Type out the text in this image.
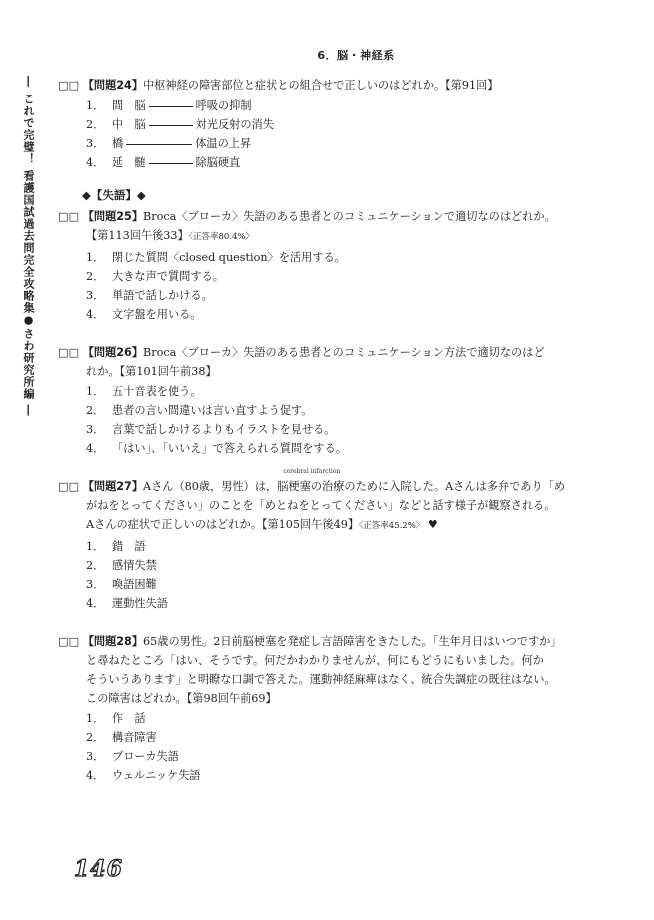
6．脳・神経系
― これで完璧！ 看護国試過去問完全攻略集●さわ研究所編 ― □□ 【問題24】中枢神経の障害部位と症状との組合せで正しいのはどれか。【第91回】
1． 間　脳	呼吸の抑制
2． 中　脳	対光反射の消失
3． 橋	体温の上昇
4． 延　髄	除脳硬直
◆【失語】◆
□□ 【問題25】Broca〈ブローカ〉失語のある患者とのコミュニケーションで適切なのはどれか。
【第113回午後33】〈正答率80.4%〉
1． 閉じた質問〈closed question〉を活用する。
2． 大きな声で質問する。
3． 単語で話しかける。
4． 文字盤を用いる。
□□ 【問題26】Broca〈ブローカ〉失語のある患者とのコミュニケーション方法で適切なのはど
れか。【第101回午前38】
1． 五十音表を使う。
2． 患者の言い間違いは言い直すよう促す。
3． 言葉で話しかけるよりもイラストを見せる。
4． 「はい」、「いいえ」で答えられる質問をする。
□□ 【問題27】Aさん（80歳，男性）は，
cerebral infarction
脳梗塞の治療のために入院した。Aさんは多弁であり「め
がねをとってください」のことを「めとねをとってください」などと話す様子が観察される。
Aさんの症状で正しいのはどれか。【第105回午後49】〈正答率45.2%〉 ♥
1． 錯　語
2． 感情失禁
3． 喚語困難
4． 運動性失語
□□ 【問題28】65歳の男性。2日前脳梗塞を発症し言語障害をきたした。「生年月日はいつですか」
と尋ねたところ「はい、そうです。何だかわかりませんが、何にもどうにもいました。何か
そういうあります」と明瞭な口調で答えた。運動神経麻痺はなく、統合失調症の既往はない。
この障害はどれか。【第98回午前69】
1． 作　話
2． 構音障害
3． ブローカ失語
4． ウェルニッケ失語
146
